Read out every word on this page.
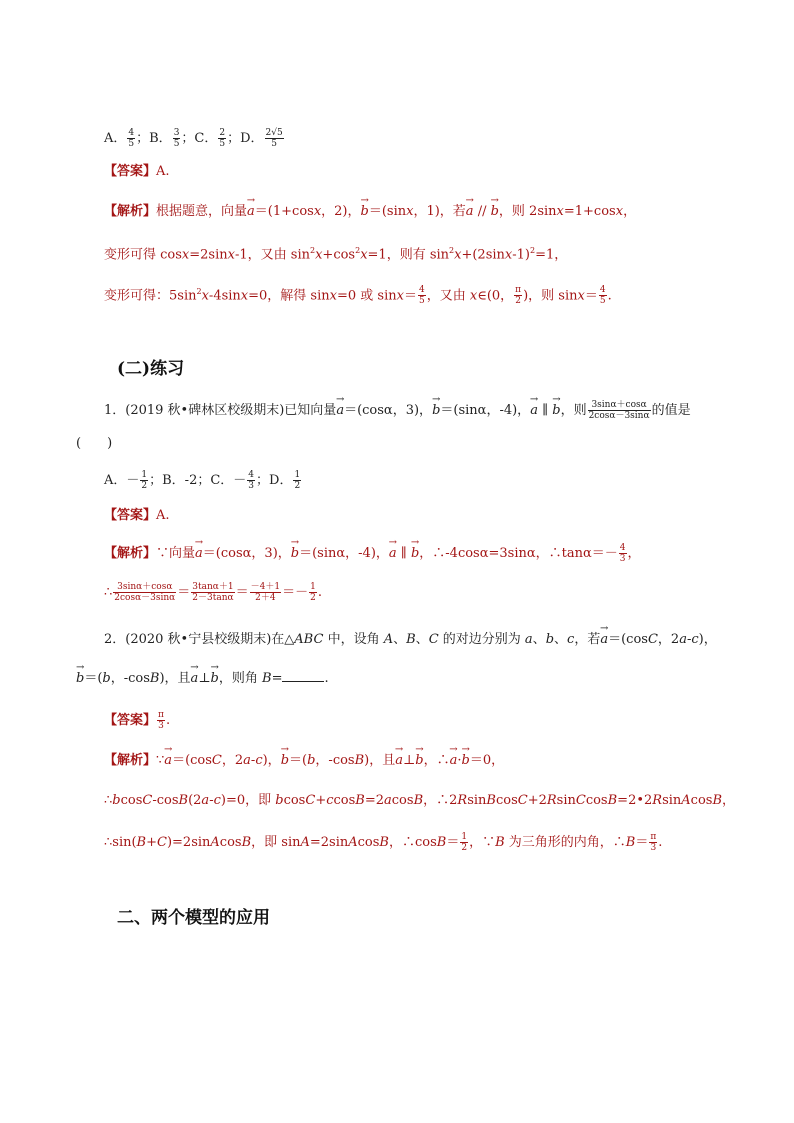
A． $\frac{4}{5}$ ；B． $\frac{3}{5}$ ；C． $\frac{2}{5}$ ；D． $\frac{2√5}{5}$
【答案】A.
【解析】根据题意，向量→ a＝(1+cosx，2)，→ b＝(sinx，1)，若→ a // → b，则 2sinx=1+cosx，
变形可得 cosx=2sinx-1，又由 $\sin^2x+\cos^2x=1$，则有 $\sin^2x+(2\sin x-1)^2=1$，
变形可得：$5\sin^2x-4\sin x=0$，解得 sinx=0 或 $\sin x= \frac{4}{5}$ ，又由 x∈(0， $\frac{\pi}{2}$ )，则 $\sin x= \frac{4}{5}$ .
(二)练习
1．(2019 秋•碑林区校级期末)已知向量→ a＝(cosα，3)，→ b＝(sinα，-4)，→ a ∥ → b，则 $\frac{3\sin\alpha+\cos\alpha}{2\cos\alpha-3\sin\alpha}$ 的值是
(　　)
A．－ $\frac{1}{2}$ ；B．-2；C．－ $\frac{4}{3}$ ；D． $\frac{1}{2}$
【答案】A.
【解析】∵向量→ a＝(cosα，3)，→ b＝(sinα，-4)，→ a ∥ → b，∴-4cosα=3sinα，∴tanα＝－ $\frac{4}{3}$ ，
∴ $\frac{3\sin\alpha+\cos\alpha}{2\cos\alpha-3\sin\alpha} = \frac{3\tan\alpha+1}{2-3\tan\alpha} = \frac{-4+1}{2+4} =- \frac{1}{2}$ .
2．(2020 秋•宁县校级期末)在△ABC 中，设角 A、B、C 的对边分别为 a、b、c，若→ a＝(cosC，2a-c)，
→ b＝(b，-cosB)，且→ a⊥→ b，则角 B=	.
【答案】 $\frac{\pi}{3}$ .
【解析】∵→ a＝(cosC，2a-c)，→ b＝(b，-cosB)，且→ a⊥→ b，∴→ a·→ b＝0，
∴bcosC-cosB(2a-c)=0，即 bcosC+ccosB=2acosB，∴2RsinBcosC+2RsinCcosB=2•2RsinAcosB，
∴sin(B+C)=2sinAcosB，即 sinA=2sinAcosB，∴cosB＝ $\frac{1}{2}$ ，∵B 为三角形的内角，∴B＝ $\frac{\pi}{3}$ .
二、两个模型的应用
